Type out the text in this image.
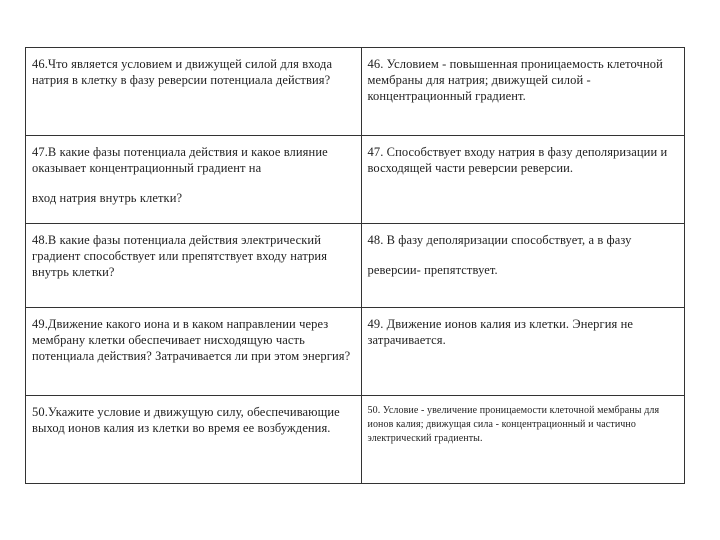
46.Что является условием и движущей силой для входа натрия в клетку в фазу реверсии потенциала действия?	46. Условием - повышенная проницаемость клеточной мембраны для натрия; движущей силой - концентрационный градиент.

47.В какие фазы потенциала действия и какое влияние оказывает концентрационный градиент на

вход натрия внутрь клетки?	47. Способствует входу натрия в фазу деполяризации и восходящей части реверсии реверсии.

48.В какие фазы потенциала действия электрический градиент способствует или препятствует входу натрия внутрь клетки?	48. В фазу деполяризации способствует, а в фазу

реверсии- препятствует.

49.Движение какого иона и в каком направлении через мембрану клетки обеспечивает нисходящую часть потенциала действия? Затрачивается ли при этом энергия?	49. Движение ионов калия из клетки. Энергия не затрачивается.

50.Укажите условие и движущую силу, обеспечивающие выход ионов калия из клетки во время ее возбуждения.	50. Условие - увеличение проницаемости клеточной мембраны для ионов калия; движущая сила - концентрационный и частично электрический градиенты.
